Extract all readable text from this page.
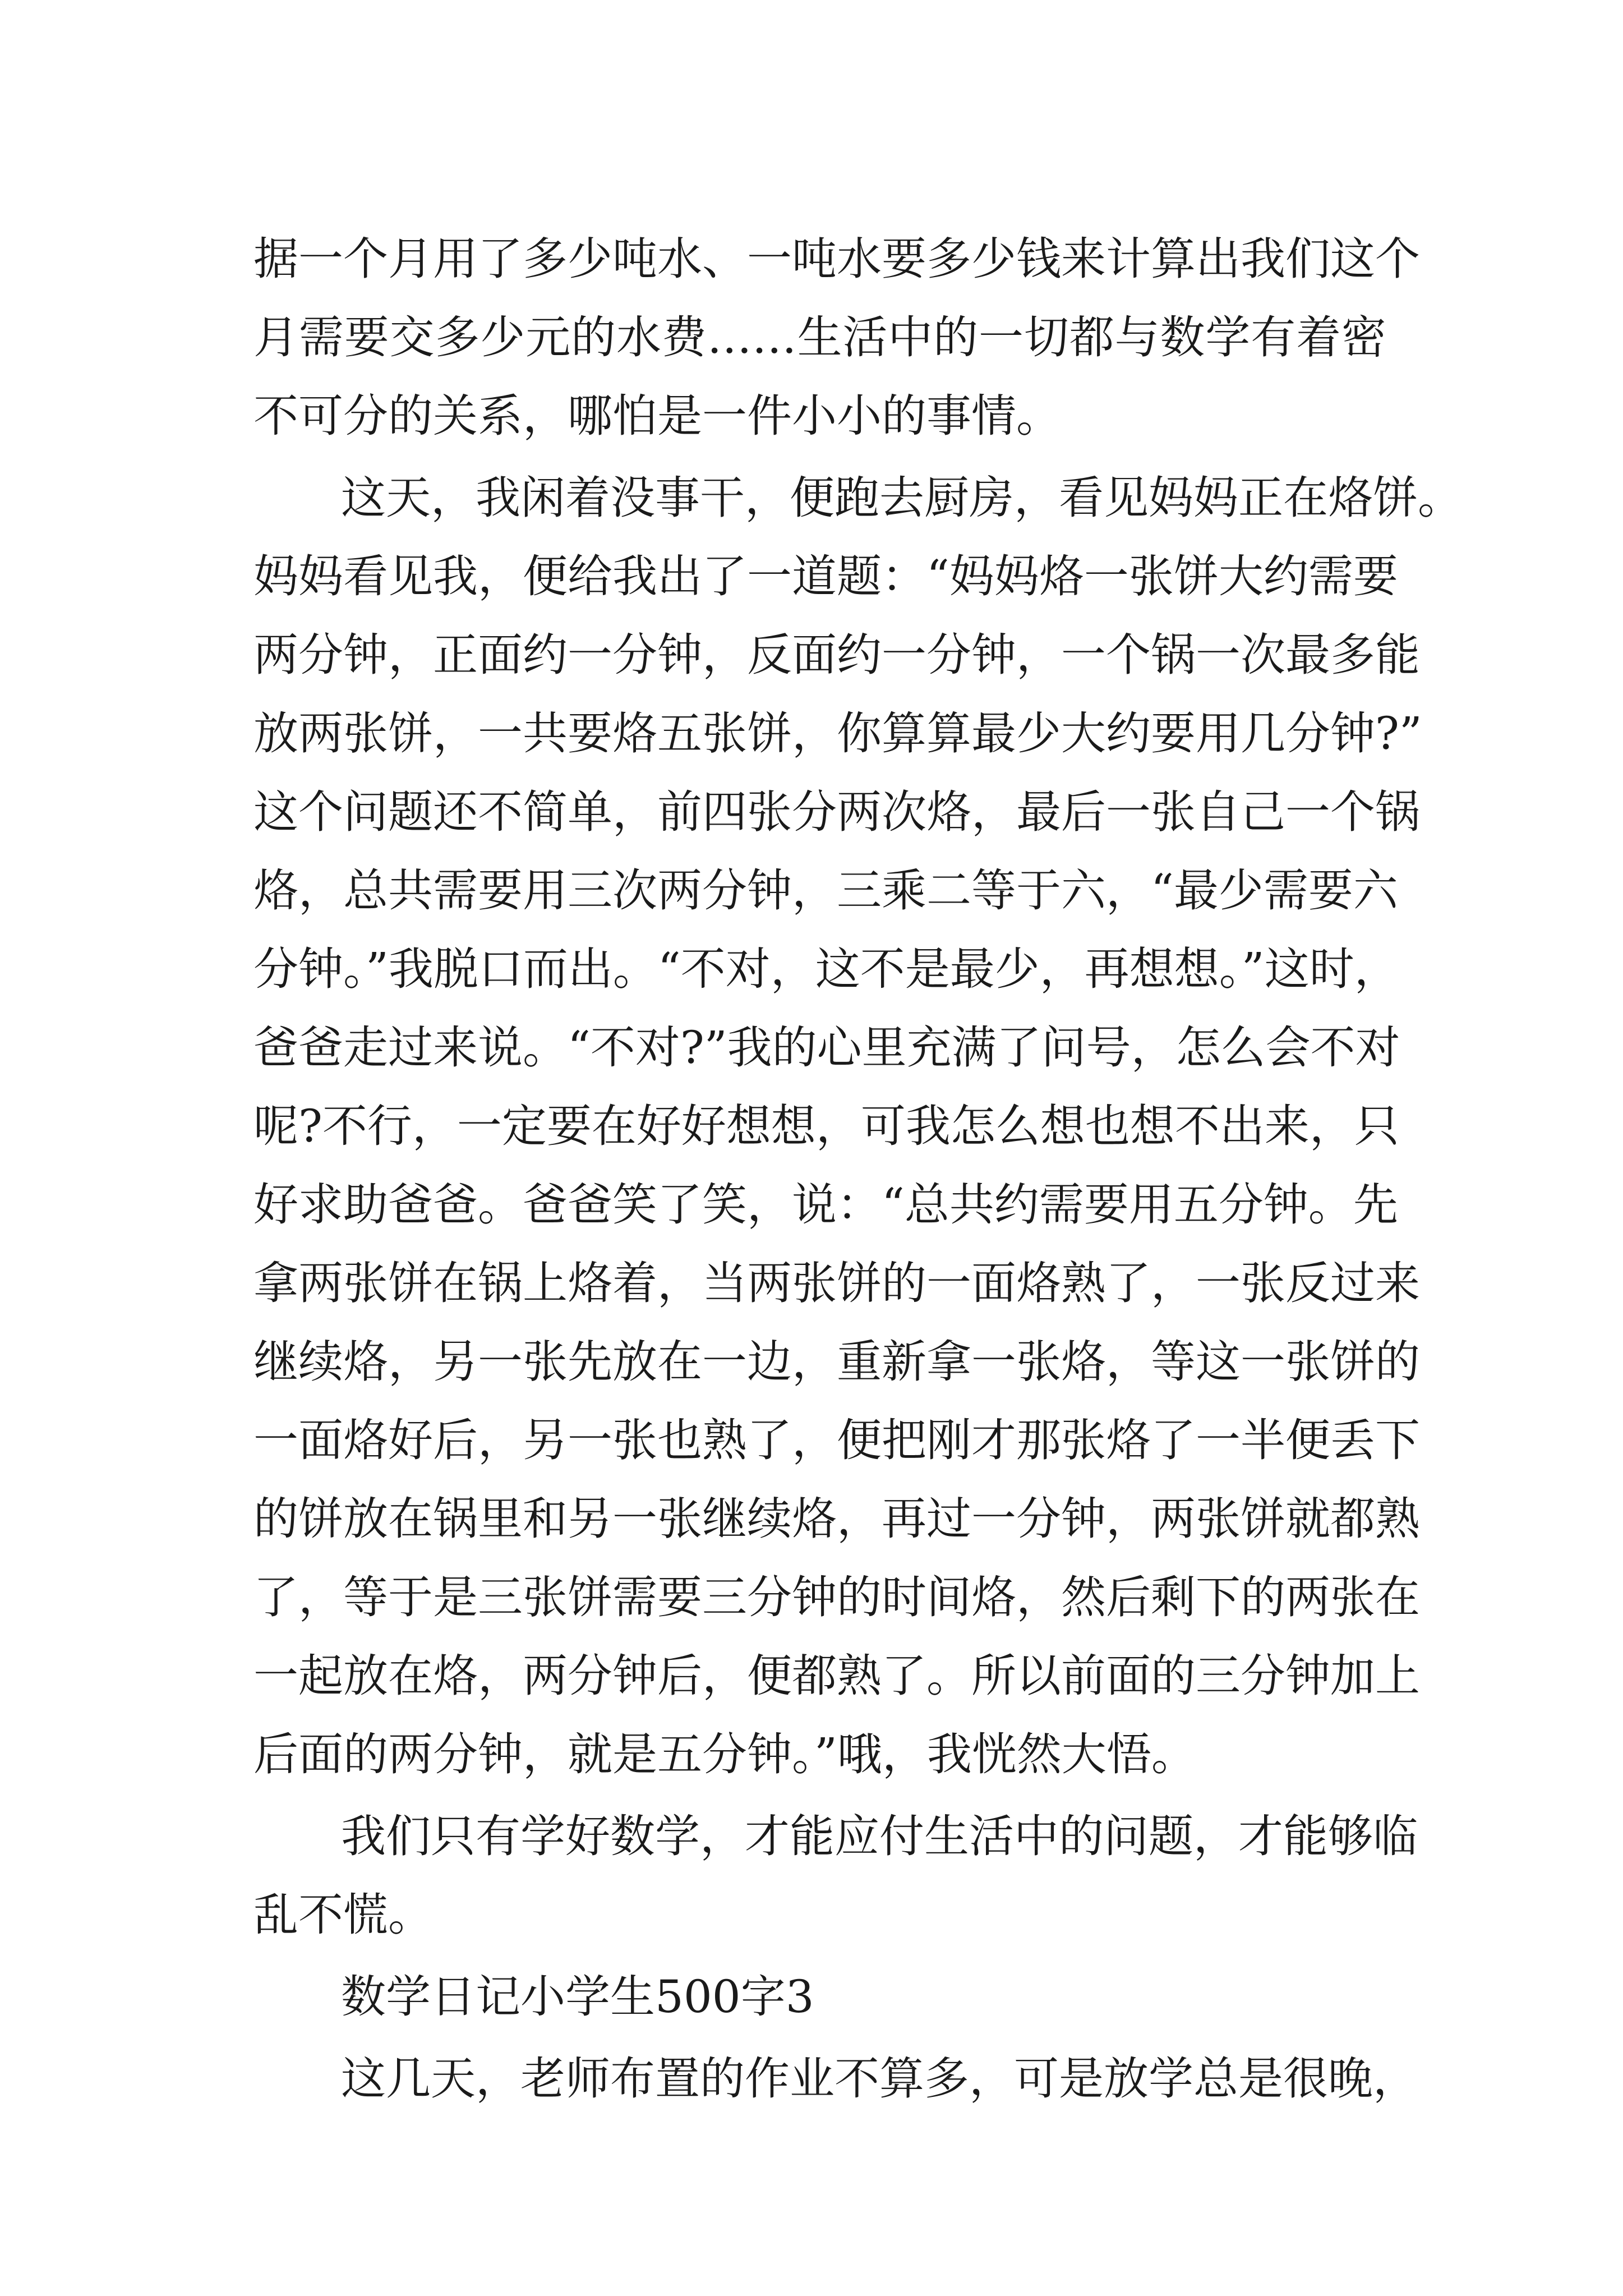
据一个月用了多少吨水、一吨水要多少钱来计算出我们这个
月需要交多少元的水费……生活中的一切都与数学有着密
不可分的关系，哪怕是一件小小的事情。
这天，我闲着没事干，便跑去厨房，看见妈妈正在烙饼。
妈妈看见我，便给我出了一道题：“妈妈烙一张饼大约需要
两分钟，正面约一分钟，反面约一分钟，一个锅一次最多能
放两张饼，一共要烙五张饼，你算算最少大约要用几分钟?”
这个问题还不简单，前四张分两次烙，最后一张自己一个锅
烙，总共需要用三次两分钟，三乘二等于六，“最少需要六
分钟。”我脱口而出。“不对，这不是最少，再想想。”这时，
爸爸走过来说。“不对?”我的心里充满了问号，怎么会不对
呢?不行，一定要在好好想想，可我怎么想也想不出来，只
好求助爸爸。爸爸笑了笑，说：“总共约需要用五分钟。先
拿两张饼在锅上烙着，当两张饼的一面烙熟了，一张反过来
继续烙，另一张先放在一边，重新拿一张烙，等这一张饼的
一面烙好后，另一张也熟了，便把刚才那张烙了一半便丢下
的饼放在锅里和另一张继续烙，再过一分钟，两张饼就都熟
了，等于是三张饼需要三分钟的时间烙，然后剩下的两张在
一起放在烙，两分钟后，便都熟了。所以前面的三分钟加上
后面的两分钟，就是五分钟。”哦，我恍然大悟。
我们只有学好数学，才能应付生活中的问题，才能够临
乱不慌。
数学日记小学生500字3
这几天，老师布置的作业不算多，可是放学总是很晚，
